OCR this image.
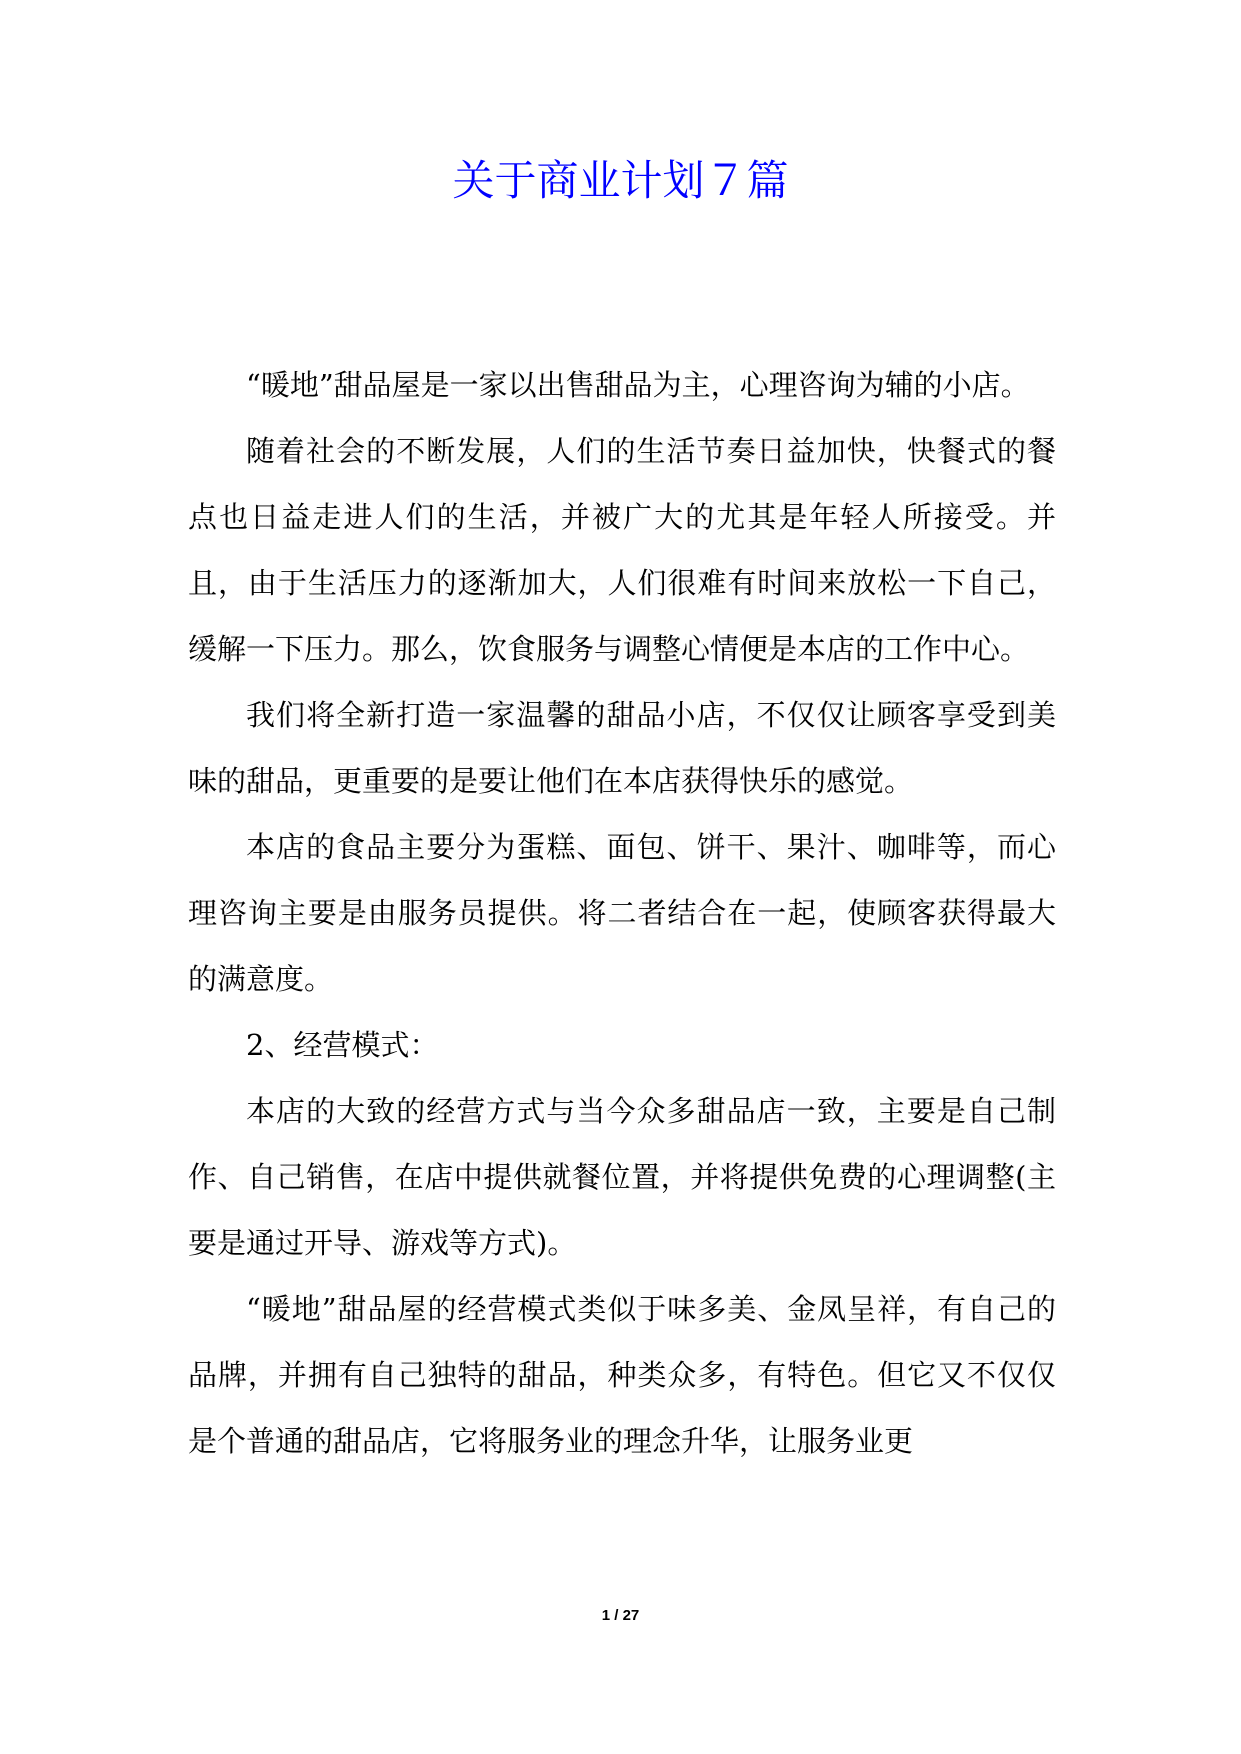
关于商业计划７篇

“暖地”甜品屋是一家以出售甜品为主，心理咨询为辅的小店。

随着社会的不断发展，人们的生活节奏日益加快，快餐式的餐点也日益走进人们的生活，并被广大的尤其是年轻人所接受。并且，由于生活压力的逐渐加大，人们很难有时间来放松一下自己，缓解一下压力。那么，饮食服务与调整心情便是本店的工作中心。

我们将全新打造一家温馨的甜品小店，不仅仅让顾客享受到美味的甜品，更重要的是要让他们在本店获得快乐的感觉。

本店的食品主要分为蛋糕、面包、饼干、果汁、咖啡等，而心理咨询主要是由服务员提供。将二者结合在一起，使顾客获得最大的满意度。

2、经营模式：

本店的大致的经营方式与当今众多甜品店一致，主要是自己制作、自己销售，在店中提供就餐位置，并将提供免费的心理调整(主要是通过开导、游戏等方式)。

“暖地”甜品屋的经营模式类似于味多美、金凤呈祥，有自己的品牌，并拥有自己独特的甜品，种类众多，有特色。但它又不仅仅是个普通的甜品店，它将服务业的理念升华，让服务业更

1 / 27
